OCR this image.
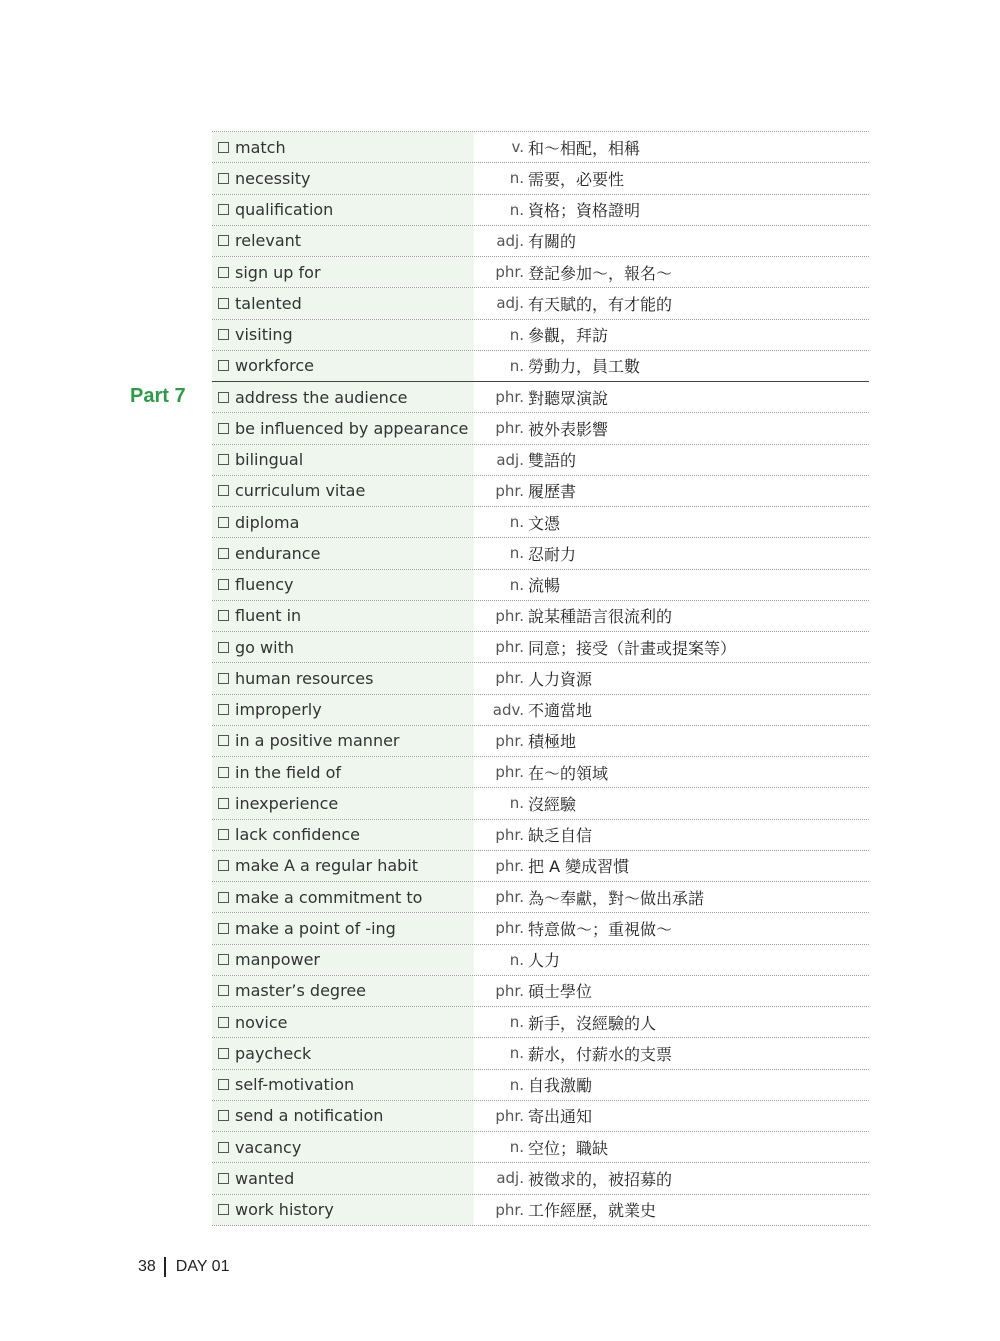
Part 7
match	v. 和～相配，相稱
necessity	n. 需要，必要性
qualification	n. 資格；資格證明
relevant	adj. 有關的
sign up for	phr. 登記參加～，報名～
talented	adj. 有天賦的，有才能的
visiting	n. 參觀，拜訪
workforce	n. 勞動力，員工數
address the audience	phr. 對聽眾演說
be influenced by appearance	phr. 被外表影響
bilingual	adj. 雙語的
curriculum vitae	phr. 履歷書
diploma	n. 文憑
endurance	n. 忍耐力
fluency	n. 流暢
fluent in	phr. 說某種語言很流利的
go with	phr. 同意；接受（計畫或提案等）
human resources	phr. 人力資源
improperly	adv. 不適當地
in a positive manner	phr. 積極地
in the field of	phr. 在～的領域
inexperience	n. 沒經驗
lack confidence	phr. 缺乏自信
make A a regular habit	phr. 把 A 變成習慣
make a commitment to	phr. 為～奉獻，對～做出承諾
make a point of -ing	phr. 特意做～；重視做～
manpower	n. 人力
master’s degree	phr. 碩士學位
novice	n. 新手，沒經驗的人
paycheck	n. 薪水，付薪水的支票
self-motivation	n. 自我激勵
send a notification	phr. 寄出通知
vacancy	n. 空位；職缺
wanted	adj. 被徵求的，被招募的
work history	phr. 工作經歷，就業史
38 DAY 01
